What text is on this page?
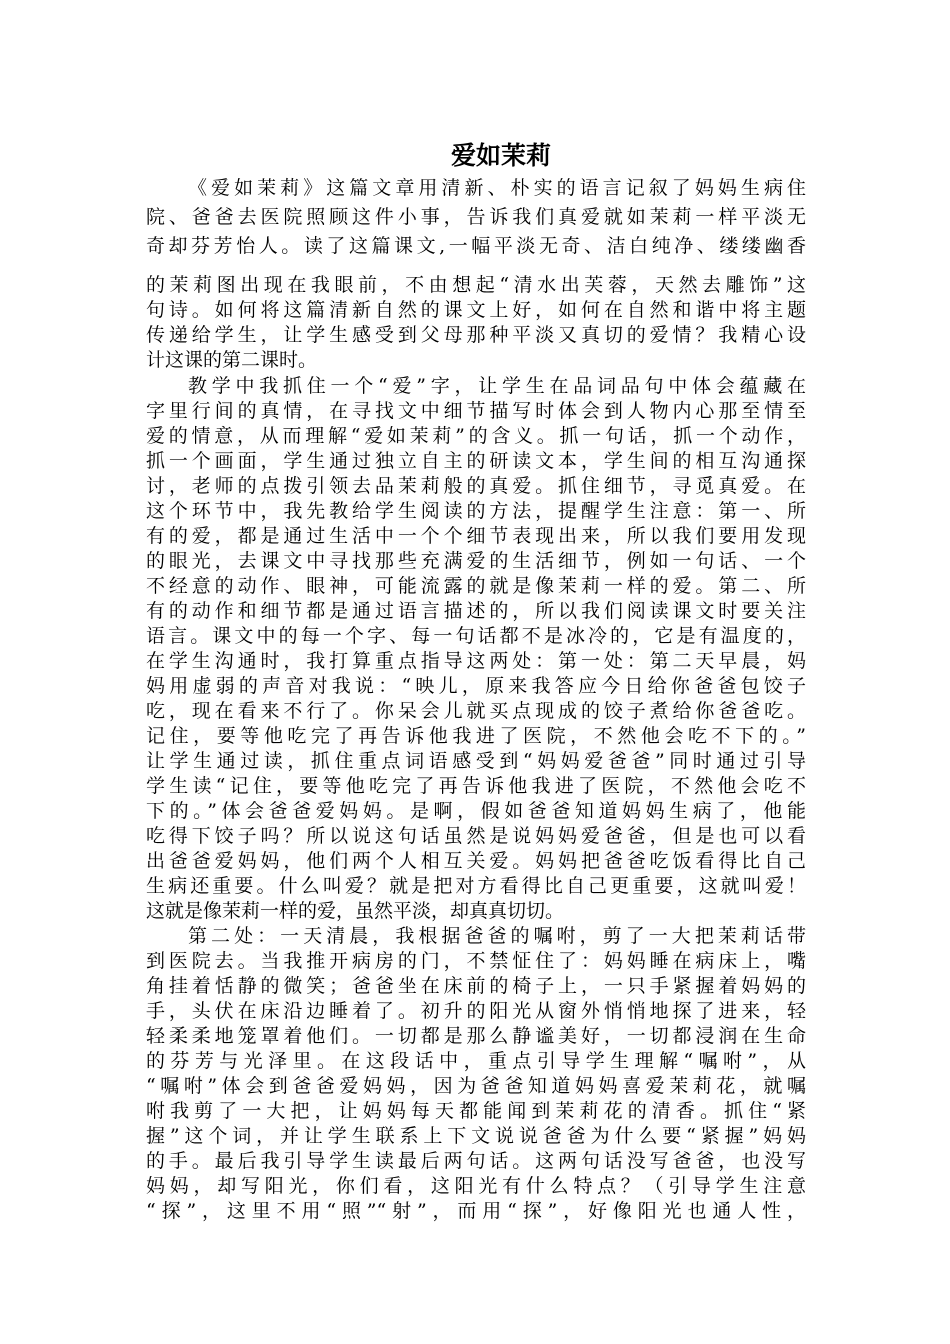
爱如茉莉
《爱如茉莉》这篇文章用清新、朴实的语言记叙了妈妈生病住
院、爸爸去医院照顾这件小事，告诉我们真爱就如茉莉一样平淡无
奇却芬芳怡人。读了这篇课文,一幅平淡无奇、洁白纯净、缕缕幽香
的茉莉图出现在我眼前，不由想起“清水出芙蓉，天然去雕饰”这
句诗。如何将这篇清新自然的课文上好，如何在自然和谐中将主题
传递给学生，让学生感受到父母那种平淡又真切的爱情？我精心设
计这课的第二课时。
教学中我抓住一个“爱”字，让学生在品词品句中体会蕴藏在
字里行间的真情，在寻找文中细节描写时体会到人物内心那至情至
爱的情意，从而理解“爱如茉莉”的含义。抓一句话，抓一个动作，
抓一个画面，学生通过独立自主的研读文本，学生间的相互沟通探
讨，老师的点拨引领去品茉莉般的真爱。抓住细节，寻觅真爱。在
这个环节中，我先教给学生阅读的方法，提醒学生注意：第一、所
有的爱，都是通过生活中一个个细节表现出来，所以我们要用发现
的眼光，去课文中寻找那些充满爱的生活细节，例如一句话、一个
不经意的动作、眼神，可能流露的就是像茉莉一样的爱。第二、所
有的动作和细节都是通过语言描述的，所以我们阅读课文时要关注
语言。课文中的每一个字、每一句话都不是冰冷的，它是有温度的，
在学生沟通时，我打算重点指导这两处：第一处：第二天早晨，妈
妈用虚弱的声音对我说：“映儿，原来我答应今日给你爸爸包饺子
吃，现在看来不行了。你呆会儿就买点现成的饺子煮给你爸爸吃。
记住，要等他吃完了再告诉他我进了医院，不然他会吃不下的。”
让学生通过读，抓住重点词语感受到“妈妈爱爸爸”同时通过引导
学生读“记住，要等他吃完了再告诉他我进了医院，不然他会吃不
下的。”体会爸爸爱妈妈。是啊，假如爸爸知道妈妈生病了，他能
吃得下饺子吗？所以说这句话虽然是说妈妈爱爸爸，但是也可以看
出爸爸爱妈妈，他们两个人相互关爱。妈妈把爸爸吃饭看得比自己
生病还重要。什么叫爱？就是把对方看得比自己更重要，这就叫爱！
这就是像茉莉一样的爱，虽然平淡，却真真切切。
第二处：一天清晨，我根据爸爸的嘱咐，剪了一大把茉莉话带
到医院去。当我推开病房的门，不禁怔住了：妈妈睡在病床上，嘴
角挂着恬静的微笑；爸爸坐在床前的椅子上，一只手紧握着妈妈的
手，头伏在床沿边睡着了。初升的阳光从窗外悄悄地探了进来，轻
轻柔柔地笼罩着他们。一切都是那么静谧美好，一切都浸润在生命
的芬芳与光泽里。在这段话中，重点引导学生理解“嘱咐”，从
“嘱咐”体会到爸爸爱妈妈，因为爸爸知道妈妈喜爱茉莉花，就嘱
咐我剪了一大把，让妈妈每天都能闻到茉莉花的清香。抓住“紧
握”这个词，并让学生联系上下文说说爸爸为什么要“紧握”妈妈
的手。最后我引导学生读最后两句话。这两句话没写爸爸，也没写
妈妈，却写阳光，你们看，这阳光有什么特点？（引导学生注意
“探”，这里不用“照”“射”，而用“探”，好像阳光也通人性，
